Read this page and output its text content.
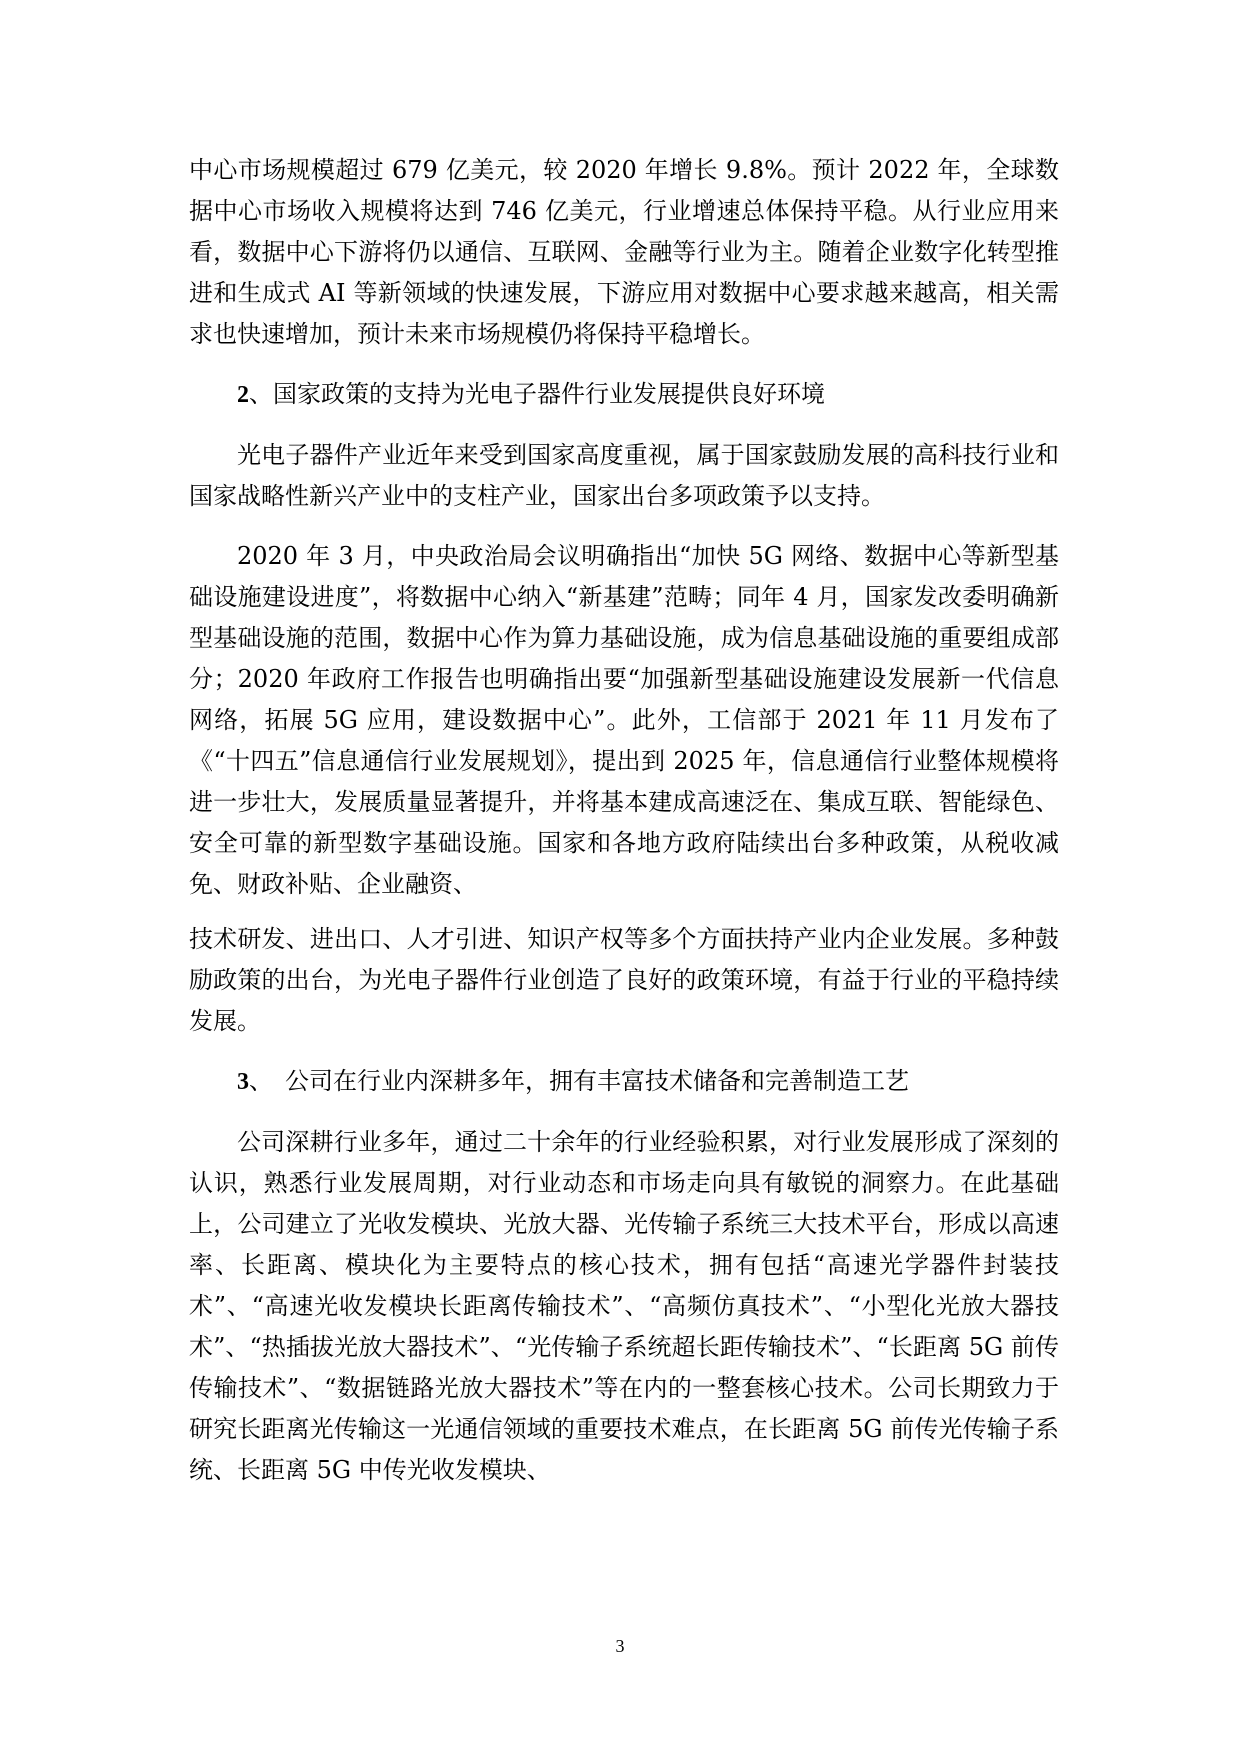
中心市场规模超过 679 亿美元，较 2020 年增长 9.8%。预计 2022 年，全球数据中心市场收入规模将达到 746 亿美元，行业增速总体保持平稳。从行业应用来看，数据中心下游将仍以通信、互联网、金融等行业为主。随着企业数字化转型推进和生成式 AI 等新领域的快速发展，下游应用对数据中心要求越来越高，相关需求也快速增加，预计未来市场规模仍将保持平稳增长。

2、国家政策的支持为光电子器件行业发展提供良好环境

光电子器件产业近年来受到国家高度重视，属于国家鼓励发展的高科技行业和国家战略性新兴产业中的支柱产业，国家出台多项政策予以支持。

2020 年 3 月，中央政治局会议明确指出“加快 5G 网络、数据中心等新型基础设施建设进度”，将数据中心纳入“新基建”范畴；同年 4 月，国家发改委明确新型基础设施的范围，数据中心作为算力基础设施，成为信息基础设施的重要组成部分；2020 年政府工作报告也明确指出要“加强新型基础设施建设发展新一代信息网络，拓展 5G 应用，建设数据中心”。此外，工信部于 2021 年 11 月发布了《“十四五”信息通信行业发展规划》，提出到 2025 年，信息通信行业整体规模将进一步壮大，发展质量显著提升，并将基本建成高速泛在、集成互联、智能绿色、安全可靠的新型数字基础设施。国家和各地方政府陆续出台多种政策，从税收减免、财政补贴、企业融资、

技术研发、进出口、人才引进、知识产权等多个方面扶持产业内企业发展。多种鼓励政策的出台，为光电子器件行业创造了良好的政策环境，有益于行业的平稳持续发展。

3、　公司在行业内深耕多年，拥有丰富技术储备和完善制造工艺

公司深耕行业多年，通过二十余年的行业经验积累，对行业发展形成了深刻的认识，熟悉行业发展周期，对行业动态和市场走向具有敏锐的洞察力。在此基础上，公司建立了光收发模块、光放大器、光传输子系统三大技术平台，形成以高速率、长距离、模块化为主要特点的核心技术，拥有包括“高速光学器件封装技术”、“高速光收发模块长距离传输技术”、“高频仿真技术”、“小型化光放大器技术”、“热插拔光放大器技术”、“光传输子系统超长距传输技术”、“长距离 5G 前传传输技术”、“数据链路光放大器技术”等在内的一整套核心技术。公司长期致力于研究长距离光传输这一光通信领域的重要技术难点，在长距离 5G 前传光传输子系统、长距离 5G 中传光收发模块、

3
